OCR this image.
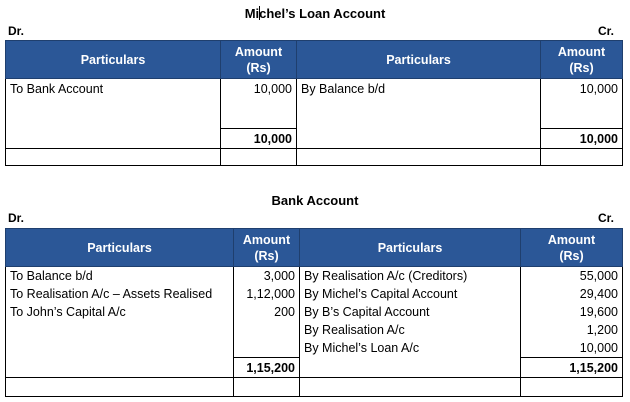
Michel’s Loan Account
Dr.	Cr.
Particulars	Amount
(Rs)	Particulars	Amount
(Rs)
To Bank Account	10,000	By Balance b/d	10,000

	10,000		10,000

Bank Account
Dr.	Cr.
Particulars	Amount
(Rs)	Particulars	Amount
(Rs)
To Balance b/d	3,000	By Realisation A/c (Creditors)	55,000
To Realisation A/c – Assets Realised	1,12,000	By Michel’s Capital Account	29,400
To John’s Capital A/c	200	By B’s Capital Account	19,600
		By Realisation A/c	1,200
		By Michel’s Loan A/c	10,000
	1,15,200		1,15,200
